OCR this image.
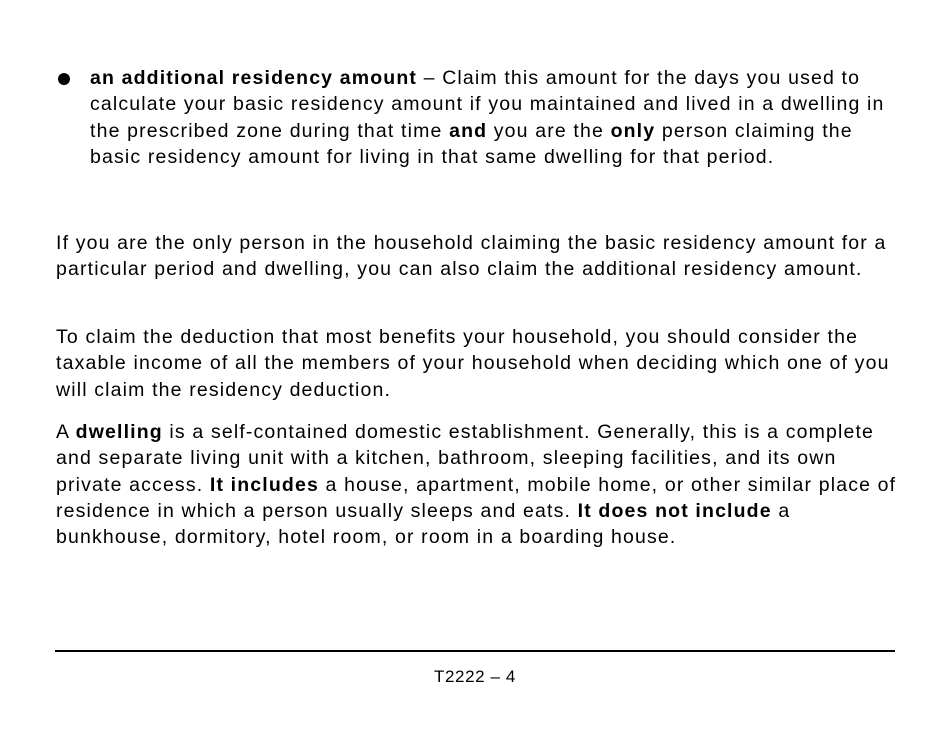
an additional residency amount – Claim this amount for the days you used to calculate your basic residency amount if you maintained and lived in a dwelling in the prescribed zone during that time and you are the only person claiming the basic residency amount for living in that same dwelling for that period.

If you are the only person in the household claiming the basic residency amount for a particular period and dwelling, you can also claim the additional residency amount.

To claim the deduction that most benefits your household, you should consider the taxable income of all the members of your household when deciding which one of you will claim the residency deduction.

A dwelling is a self-contained domestic establishment. Generally, this is a complete and separate living unit with a kitchen, bathroom, sleeping facilities, and its own private access. It includes a house, apartment, mobile home, or other similar place of residence in which a person usually sleeps and eats. It does not include a bunkhouse, dormitory, hotel room, or room in a boarding house.

T2222 – 4
